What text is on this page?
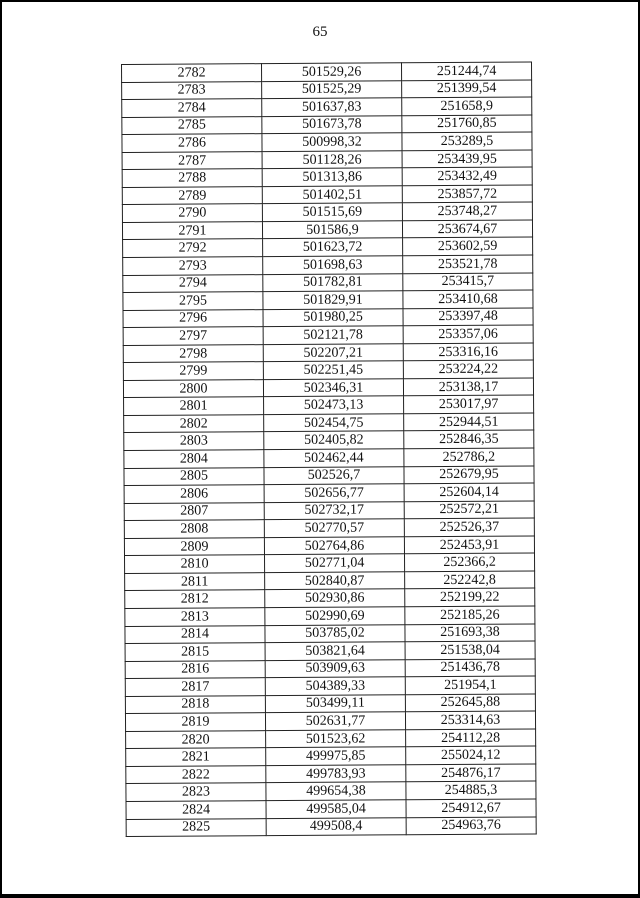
65
2782	501529,26	251244,74
2783	501525,29	251399,54
2784	501637,83	251658,9
2785	501673,78	251760,85
2786	500998,32	253289,5
2787	501128,26	253439,95
2788	501313,86	253432,49
2789	501402,51	253857,72
2790	501515,69	253748,27
2791	501586,9	253674,67
2792	501623,72	253602,59
2793	501698,63	253521,78
2794	501782,81	253415,7
2795	501829,91	253410,68
2796	501980,25	253397,48
2797	502121,78	253357,06
2798	502207,21	253316,16
2799	502251,45	253224,22
2800	502346,31	253138,17
2801	502473,13	253017,97
2802	502454,75	252944,51
2803	502405,82	252846,35
2804	502462,44	252786,2
2805	502526,7	252679,95
2806	502656,77	252604,14
2807	502732,17	252572,21
2808	502770,57	252526,37
2809	502764,86	252453,91
2810	502771,04	252366,2
2811	502840,87	252242,8
2812	502930,86	252199,22
2813	502990,69	252185,26
2814	503785,02	251693,38
2815	503821,64	251538,04
2816	503909,63	251436,78
2817	504389,33	251954,1
2818	503499,11	252645,88
2819	502631,77	253314,63
2820	501523,62	254112,28
2821	499975,85	255024,12
2822	499783,93	254876,17
2823	499654,38	254885,3
2824	499585,04	254912,67
2825	499508,4	254963,76
